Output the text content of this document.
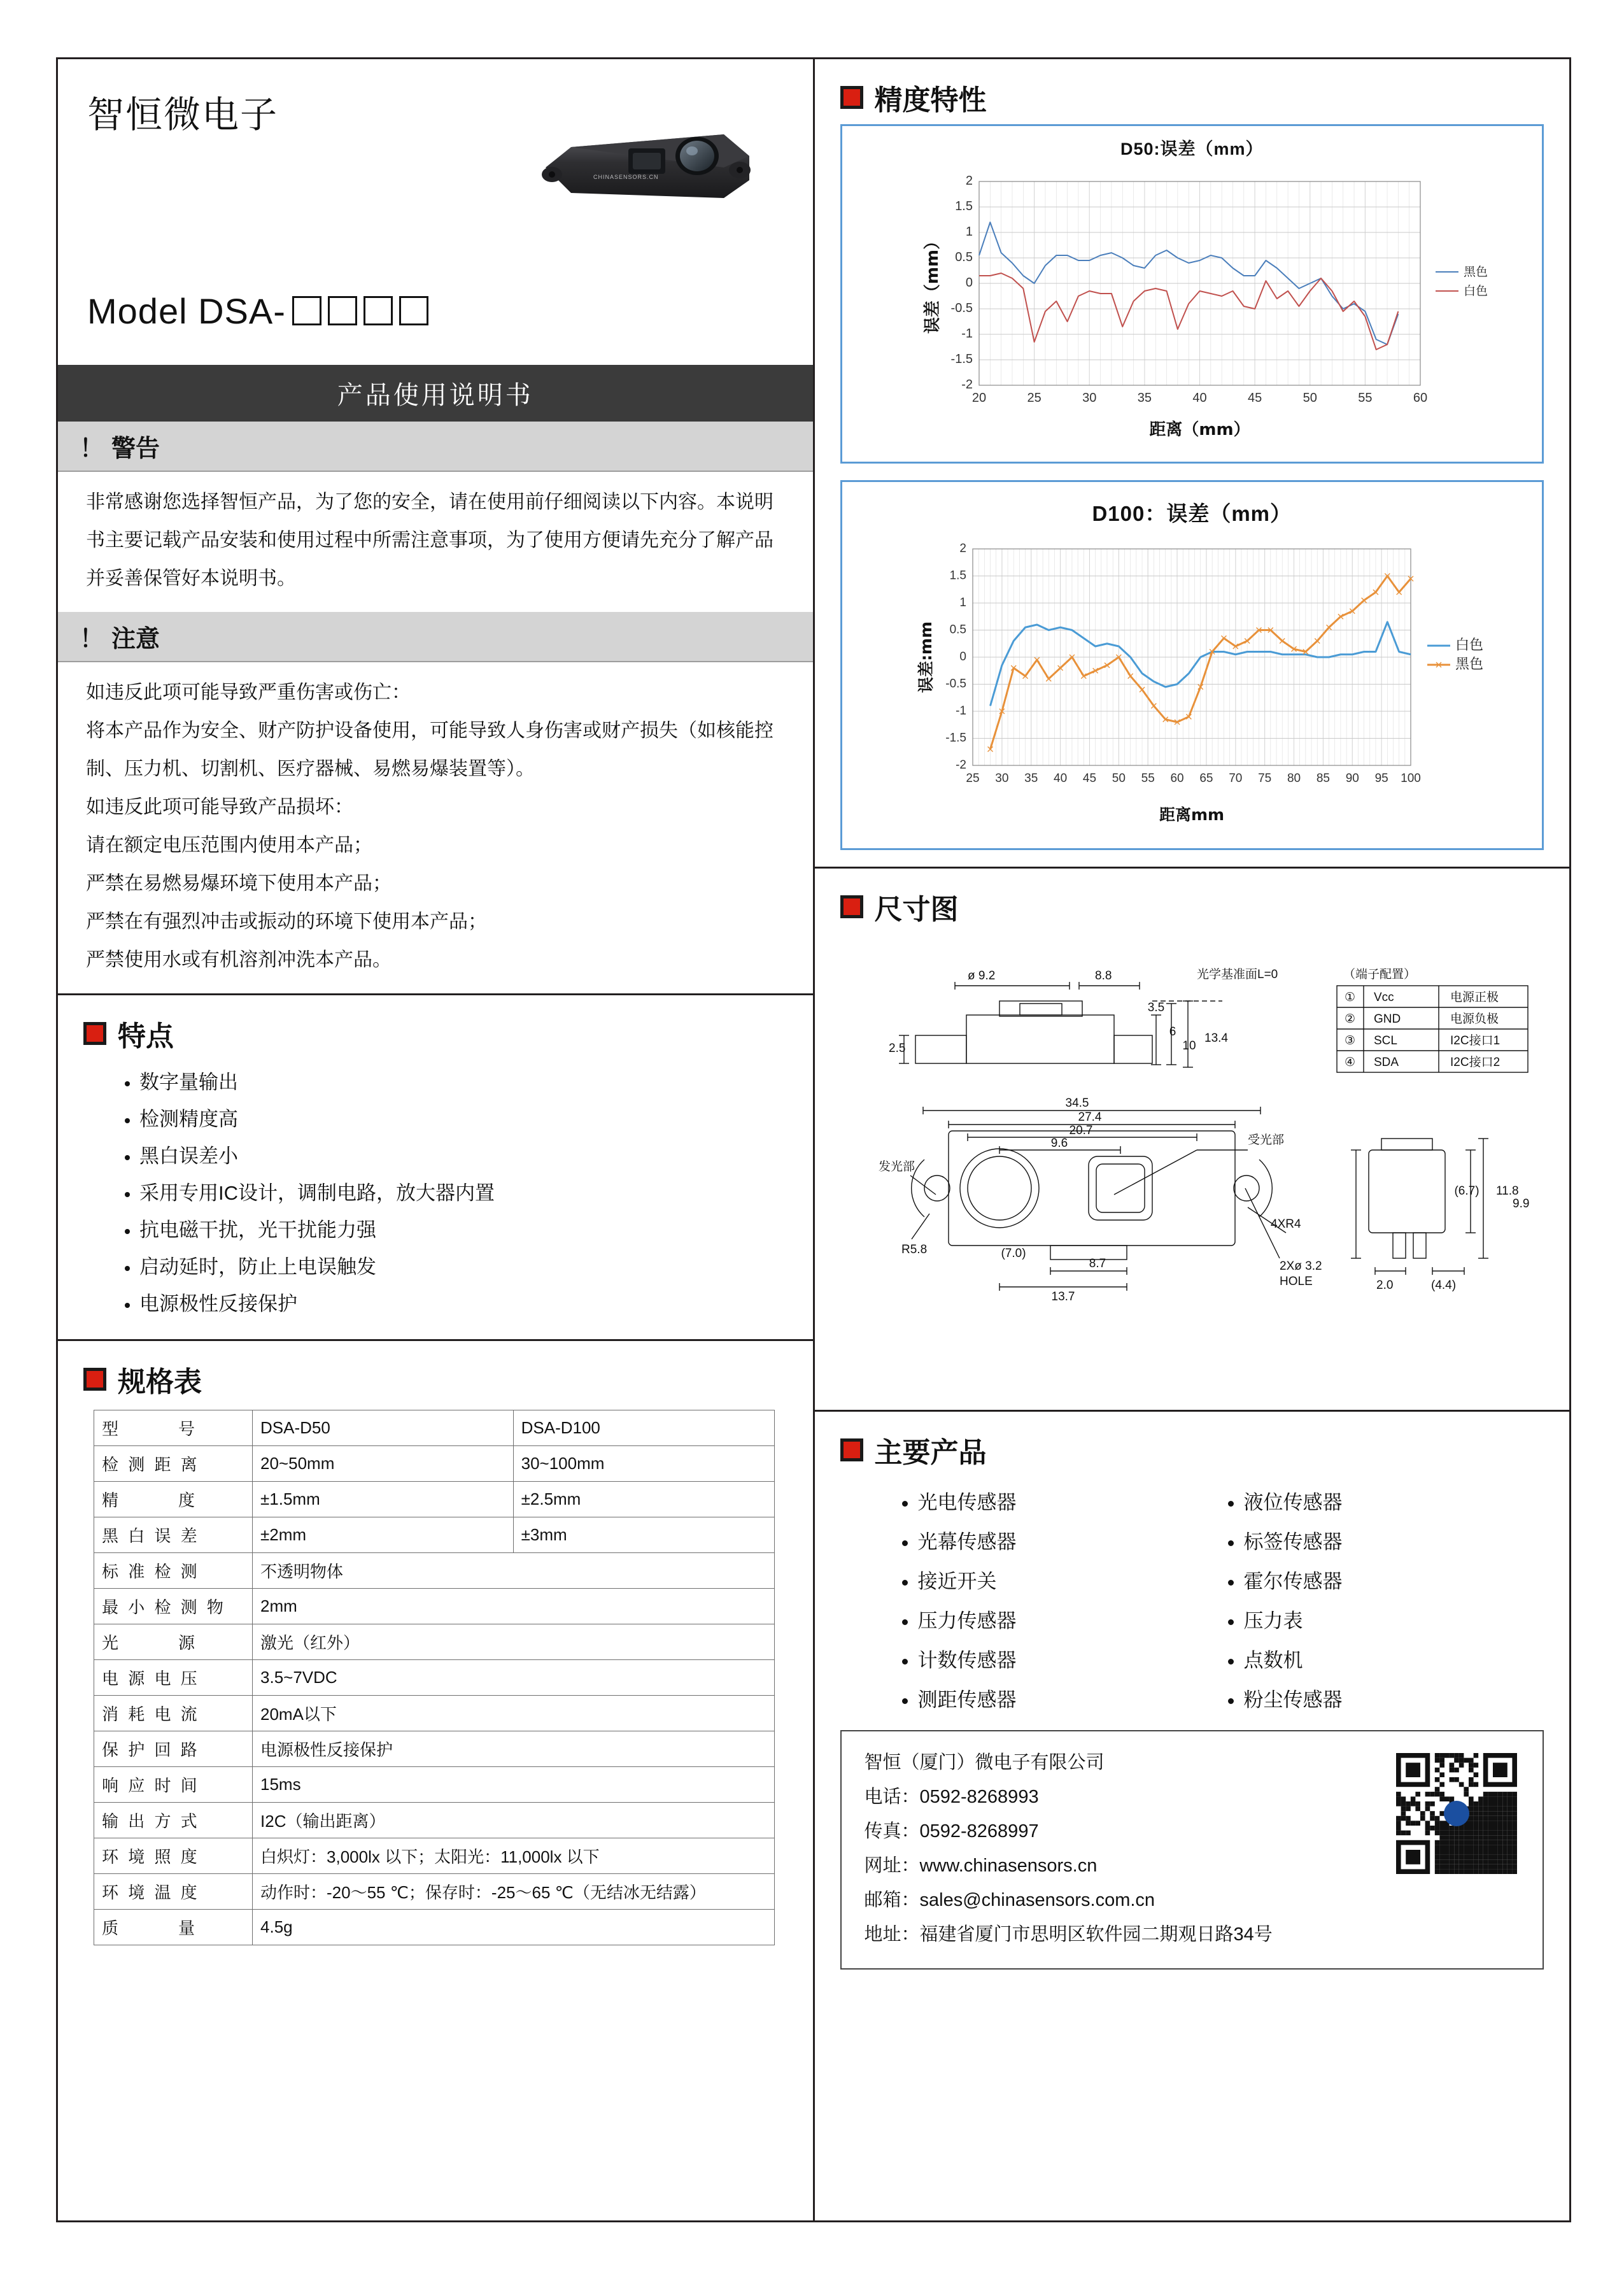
智恒微电子
CHINASENSORS.CN
Model DSA-
产品使用说明书
！ 警告

非常感谢您选择智恒产品，为了您的安全，请在使用前仔细阅读以下内容。本说明书主要记载产品安装和使用过程中所需注意事项，为了使用方便请先充分了解产品并妥善保管好本说明书。

！ 注意

如违反此项可能导致严重伤害或伤亡：

将本产品作为安全、财产防护设备使用，可能导致人身伤害或财产损失（如核能控制、压力机、切割机、医疗器械、易燃易爆装置等）。

如违反此项可能导致产品损坏：

请在额定电压范围内使用本产品；

严禁在易燃易爆环境下使用本产品；

严禁在有强烈冲击或振动的环境下使用本产品；

严禁使用水或有机溶剂冲洗本产品。

特点
• 数字量输出
• 检测精度高
• 黑白误差小
• 采用专用IC设计，调制电路，放大器内置
• 抗电磁干扰，光干扰能力强
• 启动延时，防止上电误触发
• 电源极性反接保护
规格表
型　　　号	DSA-D50	DSA-D100
检 测 距 离	20~50mm	30~100mm
精　　　度	±1.5mm	±2.5mm
黑 白 误 差	±2mm	±3mm
标 准 检 测	不透明物体	
最 小 检 测 物	2mm	
光　　　源	激光（红外）	
电 源 电 压	3.5~7VDC	
消 耗 电 流	20mA以下	
保 护 回 路	电源极性反接保护	
响 应 时 间	15ms	
输 出 方 式	I2C（输出距离）	
环 境 照 度	白炽灯：3,000lx 以下；太阳光：11,000lx 以下	
环 境 温 度	动作时：-20～55 ℃；保存时：-25～65 ℃（无结冰无结露）	
质　　　量	4.5g	
精度特性
D50:误差（mm）
20	25	30	35	40	45	50	55	60
-2
-1.5
-1
-0.5
0
0.5
1
1.5
2
黑色
白色
距离（mm）
误差（mm）
D100：误差（mm）
25 30 35 40 45 50 55 60 65 70 75 80 85 90 95 100
-2
-1.5
-1
-0.5
0
0.5
1
1.5
2
白色
黑色
距离mm
误差:mm
尺寸图
ø 9.2	8.8	光学基准面L=0
3.5
6
10
13.4
2.5
34.5
27.4
20.7
9.6	受光部
发光部
4XR4
R5.8	(7.0)
8.7
13.7
2Xø 3.2
HOLE
(6.7) 11.8
9.9
2.0	(4.4)
（端子配置）
① Vcc	电源正极
② GND	电源负极
③ SCL	I2C接口1
④ SDA	I2C接口2
主要产品
• 光电传感器
• 光幕传感器
• 接近开关
• 压力传感器
• 计数传感器
• 测距传感器
• 液位传感器
• 标签传感器
• 霍尔传感器
• 压力表
• 点数机
• 粉尘传感器
智恒（厦门）微电子有限公司
电话：0592-8268993
传真：0592-8268997
网址：www.chinasensors.cn
邮箱：sales@chinasensors.com.cn
地址：福建省厦门市思明区软件园二期观日路34号
